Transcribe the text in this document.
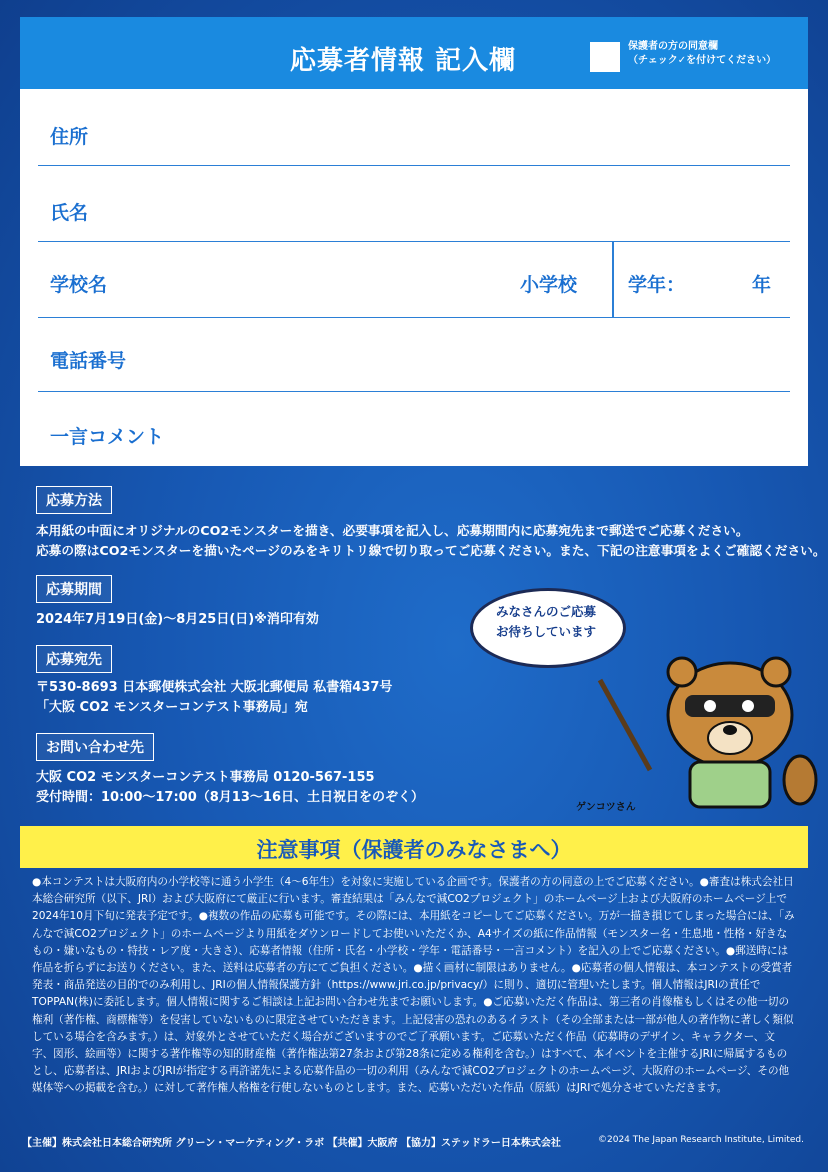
応募者情報 記入欄	保護者の方の同意欄
（チェック✓を付けてください）
住所
氏名
学校名	小学校	学年：	年
電話番号
一言コメント
応募方法
本用紙の中面にオリジナルのCO2モンスターを描き、必要事項を記入し、応募期間内に応募宛先まで郵送でご応募ください。
応募の際はCO2モンスターを描いたページのみをキリトリ線で切り取ってご応募ください。また、下記の注意事項をよくご確認ください。
応募期間
2024年7月19日(金)～8月25日(日)※消印有効
応募宛先
〒530-8693 日本郵便株式会社 大阪北郵便局 私書箱437号
「大阪 CO2 モンスターコンテスト事務局」宛
お問い合わせ先
大阪 CO2 モンスターコンテスト事務局 0120-567-155
受付時間：10:00～17:00（8月13～16日、土日祝日をのぞく）
みなさんのご応募
お待ちしています
ゲンコツさん
注意事項（保護者のみなさまへ）
●本コンテストは大阪府内の小学校等に通う小学生（4～6年生）を対象に実施している企画です。保護者の方の同意の上でご応募ください。●審査は株式会社日本総合研究所（以下、JRI）および大阪府にて厳正に行います。審査結果は「みんなで減CO2プロジェクト」のホームページ上および大阪府のホームページ上で2024年10月下旬に発表予定です。●複数の作品の応募も可能です。その際には、本用紙をコピーしてご応募ください。万が一描き損じてしまった場合には、「みんなで減CO2プロジェクト」のホームページより用紙をダウンロードしてお使いいただくか、A4サイズの紙に作品情報（モンスター名・生息地・性格・好きなもの・嫌いなもの・特技・レア度・大きさ）、応募者情報（住所・氏名・小学校・学年・電話番号・一言コメント）を記入の上でご応募ください。●郵送時には作品を折らずにお送りください。また、送料は応募者の方にてご負担ください。●描く画材に制限はありません。●応募者の個人情報は、本コンテストの受賞者発表・商品発送の目的でのみ利用し、JRIの個人情報保護方針（https://www.jri.co.jp/privacy/）に則り、適切に管理いたします。個人情報はJRIの責任でTOPPAN(株)に委託します。個人情報に関するご相談は上記お問い合わせ先までお願いします。●ご応募いただく作品は、第三者の肖像権もしくはその他一切の権利（著作権、商標権等）を侵害していないものに限定させていただきます。上記侵害の恐れのあるイラスト（その全部または一部が他人の著作物に著しく類似している場合を含みます。）は、対象外とさせていただく場合がございますのでご了承願います。ご応募いただく作品（応募時のデザイン、キャラクター、文字、図形、絵画等）に関する著作権等の知的財産権（著作権法第27条および第28条に定める権利を含む。）はすべて、本イベントを主催するJRIに帰属するものとし、応募者は、JRIおよびJRIが指定する再許諾先による応募作品の一切の利用（みんなで減CO2プロジェクトのホームページ、大阪府のホームページ、その他媒体等への掲載を含む。）に対して著作権人格権を行使しないものとします。また、応募いただいた作品（原紙）はJRIで処分させていただきます。
【主催】株式会社日本総合研究所 グリーン・マーケティング・ラボ 【共催】大阪府 【協力】ステッドラー日本株式会社	©2024 The Japan Research Institute, Limited.
